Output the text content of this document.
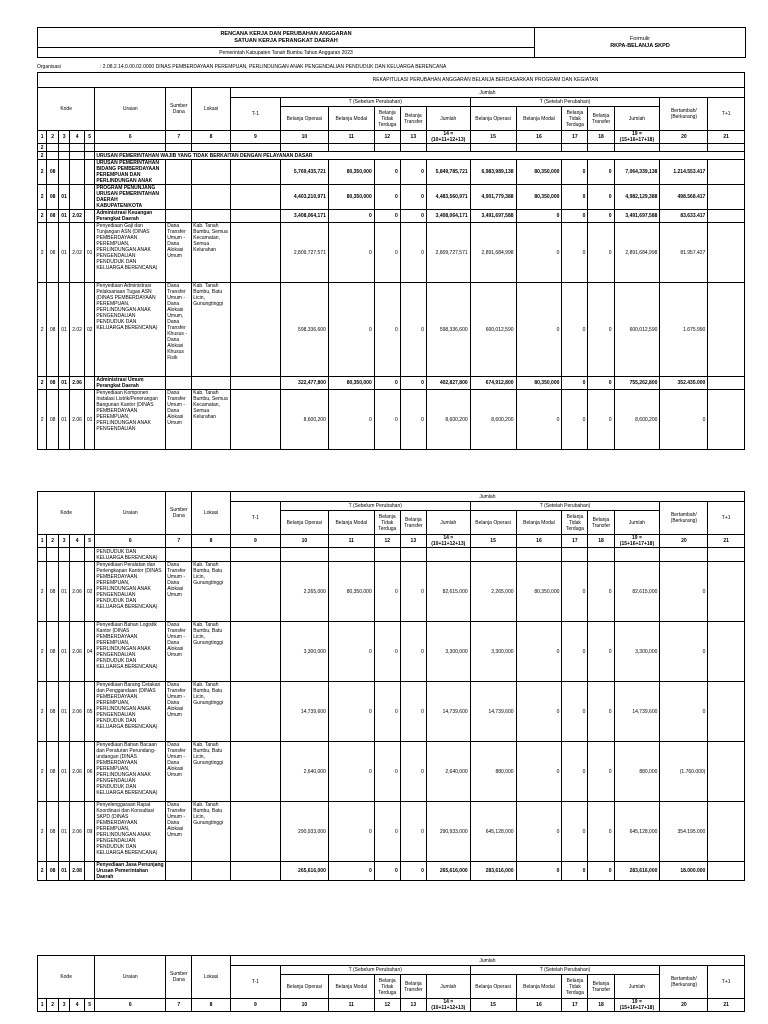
RENCANA KERJA DAN PERUBAHAN ANGGARAN
SATUAN KERJA PERANGKAT DAERAH	Formulir
RKPA-BELANJA SKPD

Pemerintah Kabupaten Tanah Bumbu Tahun Anggaran 2023
Organisasi	: 2.08.2.14.0.00.02.0000 DINAS PEMBERDAYAAN PEREMPUAN, PERLINDUNGAN ANAK PENGENDALIAN PENDUDUK DAN KELUARGA BERENCANA
REKAPITULASI PERUBAHAN ANGGARAN BELANJA BERDASARKAN PROGRAM DAN KEGIATAN
Kode					Uraian	Sumber Dana	Lokasi	Jumlah												
								T-1	T (Sebelum Perubahan)					T (Setelah Perubahan)					Bertambah/ (Berkurang)	T+1
									Belanja Operasi	Belanja Modal	Belanja Tidak Terduga	Belanja Transfer	Jumlah	Belanja Operasi	Belanja Modal	Belanja Tidak Terduga	Belanja Transfer	Jumlah		
1	2	3	4	5	6	7	8	9	10	11	12	13	14 = (10+11+12+13)	15	16	17	18	19 = (15+16+17+18)	20	21
2																				
2					URUSAN PEMERINTAHAN WAJIB YANG TIDAK BERKAITAN DENGAN PELAYANAN DASAR															
2	08				URUSAN PEMERINTAHAN BIDANG PEMBERDAYAAN PEREMPUAN DAN PERLINDUNGAN ANAK				5,769,435,721	80,350,000	0	0	5,849,785,721	6,983,989,138	80,350,000	0	0	7,064,339,138	1.214.553.417	
2	08	01			PROGRAM PENUNJANG URUSAN PEMERINTAHAN DAERAH KABUPATEN/KOTA				4,403,210,971	80,350,000	0	0	4,483,560,971	4,901,779,388	80,350,000	0	0	4,982,129,388	498.568.417	
2	08	01	2.02		Administrasi Keuangan Perangkat Daerah				3,408,064,171	0	0	0	3,408,064,171	3,491,697,588	0	0	0	3,491,697,588	83.633.417	
2	08	01	2.02	01	Penyediaan Gaji dan Tunjangan ASN (DINAS PEMBERDAYAAN PEREMPUAN, PERLINDUNGAN ANAK PENGENDALIAN PENDUDUK DAN KELUARGA BERENCANA)	Dana Transfer Umum - Dana Alokasi Umum	Kab. Tanah Bumbu, Semua Kecamatan, Semua Kelurahan		2,809,727,571	0	0	0	2,809,727,571	2,891,684,998	0	0	0	2,891,684,998	81.957.427	
2	08	01	2.02	02	Penyediaan Administrasi Pelaksanaan Tugas ASN (DINAS PEMBERDAYAAN PEREMPUAN, PERLINDUNGAN ANAK PENGENDALIAN PENDUDUK DAN KELUARGA BERENCANA)	Dana Transfer Umum - Dana Alokasi Umum, Dana Transfer Khusus - Dana Alokasi Khusus Fisik	Kab. Tanah Bumbu, Batu Licin, Gunungtinggi		598,336,600	0	0	0	598,336,600	600,012,590	0	0	0	600,012,590	1.675.990	
2	08	01	2.06		Administrasi Umum Perangkat Daerah				322,477,800	80,350,000	0	0	402,827,800	674,912,800	80,350,000	0	0	755,262,800	352.435.000	
2	08	01	2.06	01	Penyediaan Komponen Instalasi Listrik/Penerangan Bangunan Kantor (DINAS PEMBERDAYAAN PEREMPUAN, PERLINDUNGAN ANAK PENGENDALIAN	Dana Transfer Umum - Dana Alokasi Umum	Kab. Tanah Bumbu, Semua Kecamatan, Semua Kelurahan		8,600,200	0	0	0	8,600,200	8,600,200	0	0	0	8,600,200	0	
Kode					Uraian	Sumber Dana	Lokasi	Jumlah												
								T-1	T (Sebelum Perubahan)					T (Setelah Perubahan)					Bertambah/ (Berkurang)	T+1
									Belanja Operasi	Belanja Modal	Belanja Tidak Terduga	Belanja Transfer	Jumlah	Belanja Operasi	Belanja Modal	Belanja Tidak Terduga	Belanja Transfer	Jumlah		
1	2	3	4	5	6	7	8	9	10	11	12	13	14 = (10+11+12+13)	15	16	17	18	19 = (15+16+17+18)	20	21
					PENDUDUK DAN KELUARGA BERENCANA)															
2	08	01	2.06	02	Penyediaan Peralatan dan Perlengkapan Kantor (DINAS PEMBERDAYAAN PEREMPUAN, PERLINDUNGAN ANAK PENGENDALIAN PENDUDUK DAN KELUARGA BERENCANA)	Dana Transfer Umum - Dana Alokasi Umum	Kab. Tanah Bumbu, Batu Licin, Gunungtinggi		2,265,000	80,350,000	0	0	82,615,000	2,265,000	80,350,000	0	0	82,615,000	0	
2	08	01	2.06	04	Penyediaan Bahan Logistik Kantor (DINAS PEMBERDAYAAN PEREMPUAN, PERLINDUNGAN ANAK PENGENDALIAN PENDUDUK DAN KELUARGA BERENCANA)	Dana Transfer Umum - Dana Alokasi Umum	Kab. Tanah Bumbu, Batu Licin, Gunungtinggi		3,300,000	0	0	0	3,300,000	3,300,000	0	0	0	3,300,000	0	
2	08	01	2.06	05	Penyediaan Barang Cetakan dan Penggandaan (DINAS PEMBERDAYAAN PEREMPUAN, PERLINDUNGAN ANAK PENGENDALIAN PENDUDUK DAN KELUARGA BERENCANA)	Dana Transfer Umum - Dana Alokasi Umum	Kab. Tanah Bumbu, Batu Licin, Gunungtinggi		14,739,600	0	0	0	14,739,600	14,739,600	0	0	0	14,739,600	0	
2	08	01	2.06	06	Penyediaan Bahan Bacaan dan Peraturan Perundang-undangan (DINAS PEMBERDAYAAN PEREMPUAN, PERLINDUNGAN ANAK PENGENDALIAN PENDUDUK DAN KELUARGA BERENCANA)	Dana Transfer Umum - Dana Alokasi Umum	Kab. Tanah Bumbu, Batu Licin, Gunungtinggi		2,640,000	0	0	0	2,640,000	880,000	0	0	0	880,000	(1.760.000)	
2	08	01	2.06	09	Penyelenggaraan Rapat Koordinasi dan Konsultasi SKPD (DINAS PEMBERDAYAAN PEREMPUAN, PERLINDUNGAN ANAK PENGENDALIAN PENDUDUK DAN KELUARGA BERENCANA)	Dana Transfer Umum - Dana Alokasi Umum	Kab. Tanah Bumbu, Batu Licin, Gunungtinggi		290,933,000	0	0	0	290,933,000	645,128,000	0	0	0	645,128,000	354.195.000	
2	08	01	2.08		Penyediaan Jasa Penunjang Urusan Pemerintahan Daerah				265,616,000	0	0	0	265,616,000	283,616,000	0	0	0	283,616,000	18.000.000	
Kode					Uraian	Sumber Dana	Lokasi	Jumlah												
								T-1	T (Sebelum Perubahan)					T (Setelah Perubahan)					Bertambah/ (Berkurang)	T+1
									Belanja Operasi	Belanja Modal	Belanja Tidak Terduga	Belanja Transfer	Jumlah	Belanja Operasi	Belanja Modal	Belanja Tidak Terduga	Belanja Transfer	Jumlah		
1	2	3	4	5	6	7	8	9	10	11	12	13	14 = (10+11+12+13)	15	16	17	18	19 = (15+16+17+18)	20	21
